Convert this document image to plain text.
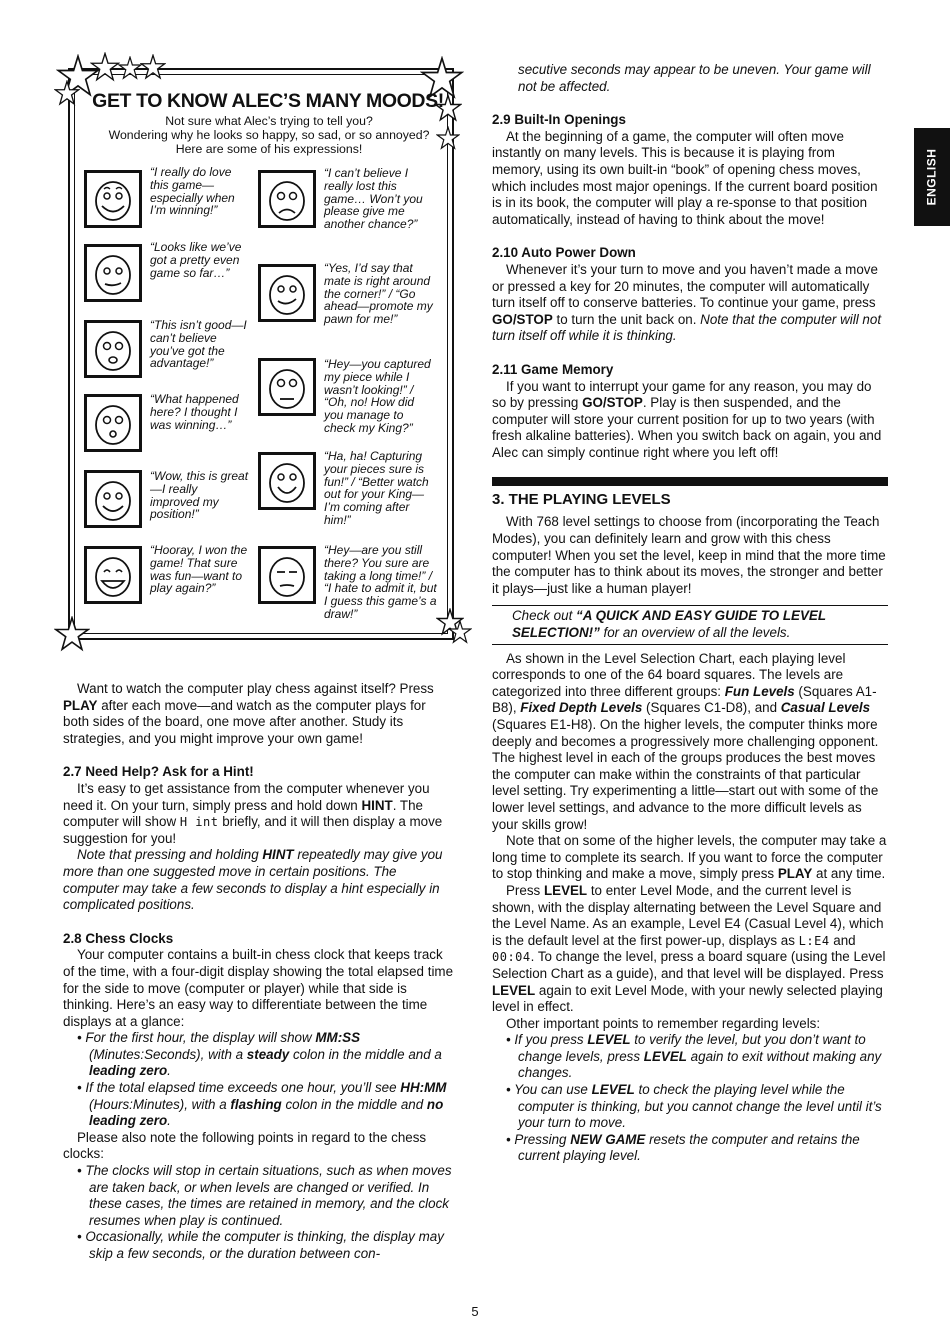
ENGLISH
GET TO KNOW ALEC’S MANY MOODS!
Not sure what Alec’s trying to tell you?
Wondering why he looks so happy, so sad, or so annoyed?
Here are some of his expressions!
“I really do love this game—especially when I’m winning!”
“Looks like we’ve got a pretty even game so far…”
“This isn’t good—I can’t believe you’ve got the advantage!”
“What happened here? I thought I was winning…”
“Wow, this is great—I really improved my position!”
“Hooray, I won the game! That sure was fun—want to play again?”
“I can’t believe I really lost this game… Won’t you please give me another chance?”
“Yes, I’d say that mate is right around the corner!” / “Go ahead—promote my pawn for me!”
“Hey—you captured my piece while I wasn’t looking!” / “Oh, no! How did you manage to check my King?”
“Ha, ha! Capturing your pieces sure is fun!” / “Better watch out for your King—I’m coming after him!”
“Hey—are you still there? You sure are taking a long time!” / “I hate to admit it, but I guess this game’s a draw!”

Want to watch the computer play chess against itself? Press PLAY after each move—and watch as the computer plays for both sides of the board, one move after another. Study its strategies, and you might improve your own game!

2.7 Need Help? Ask for a Hint!

It’s easy to get assistance from the computer whenever you need it. On your turn, simply press and hold down HINT. The computer will show H int briefly, and it will then display a move suggestion for you!

Note that pressing and holding HINT repeatedly may give you more than one suggested move in certain positions. The computer may take a few seconds to display a hint especially in complicated positions.

2.8 Chess Clocks

Your computer contains a built-in chess clock that keeps track of the time, with a four-digit display showing the total elapsed time for the side to move (computer or player) while that side is thinking. Here’s an easy way to differentiate between the time displays at a glance:

• For the first hour, the display will show MM:SS (Minutes:Seconds), with a steady colon in the middle and a leading zero.

• If the total elapsed time exceeds one hour, you’ll see HH:MM (Hours:Minutes), with a flashing colon in the middle and no leading zero.

Please also note the following points in regard to the chess clocks:

• The clocks will stop in certain situations, such as when moves are taken back, or when levels are changed or verified. In these cases, the times are retained in memory, and the clock resumes when play is continued.

• Occasionally, while the computer is thinking, the display may skip a few seconds, or the duration between con-

secutive seconds may appear to be uneven. Your game will not be affected.

2.9 Built-In Openings

At the beginning of a game, the computer will often move instantly on many levels. This is because it is playing from memory, using its own built-in “book” of opening chess moves, which includes most major openings. If the current board position is in its book, the computer will play a re-sponse to that position automatically, instead of having to think about the move!

2.10 Auto Power Down

Whenever it’s your turn to move and you haven’t made a move or pressed a key for 20 minutes, the computer will automatically turn itself off to conserve batteries. To continue your game, press GO/STOP to turn the unit back on. Note that the computer will not turn itself off while it is thinking.

2.11 Game Memory

If you want to interrupt your game for any reason, you may do so by pressing GO/STOP. Play is then suspended, and the computer will store your current position for up to two years (with fresh alkaline batteries). When you switch back on again, you and Alec can simply continue right where you left off!

3. THE PLAYING LEVELS

With 768 level settings to choose from (incorporating the Teach Modes), you can definitely learn and grow with this chess computer! When you set the level, keep in mind that the more time the computer has to think about its moves, the stronger and better it plays—just like a human player!

Check out “A QUICK AND EASY GUIDE TO LEVEL SELECTION!” for an overview of all the levels.

As shown in the Level Selection Chart, each playing level corresponds to one of the 64 board squares. The levels are categorized into three different groups: Fun Levels (Squares A1-B8), Fixed Depth Levels (Squares C1-D8), and Casual Levels (Squares E1-H8). On the higher levels, the computer thinks more deeply and becomes a progressively more challenging opponent. The highest level in each of the groups produces the best moves the computer can make within the constraints of that particular level setting. Try experimenting a little—start out with some of the lower level settings, and advance to the more difficult levels as your skills grow!

Note that on some of the higher levels, the computer may take a long time to complete its search. If you want to force the computer to stop thinking and make a move, simply press PLAY at any time.

Press LEVEL to enter Level Mode, and the current level is shown, with the display alternating between the Level Square and the Level Name. As an example, Level E4 (Casual Level 4), which is the default level at the first power-up, displays as L:E4 and 00:04. To change the level, press a board square (using the Level Selection Chart as a guide), and that level will be displayed. Press LEVEL again to exit Level Mode, with your newly selected playing level in effect.

Other important points to remember regarding levels:

• If you press LEVEL to verify the level, but you don’t want to change levels, press LEVEL again to exit without making any changes.

• You can use LEVEL to check the playing level while the computer is thinking, but you cannot change the level until it’s your turn to move.

• Pressing NEW GAME resets the computer and retains the current playing level.

5
